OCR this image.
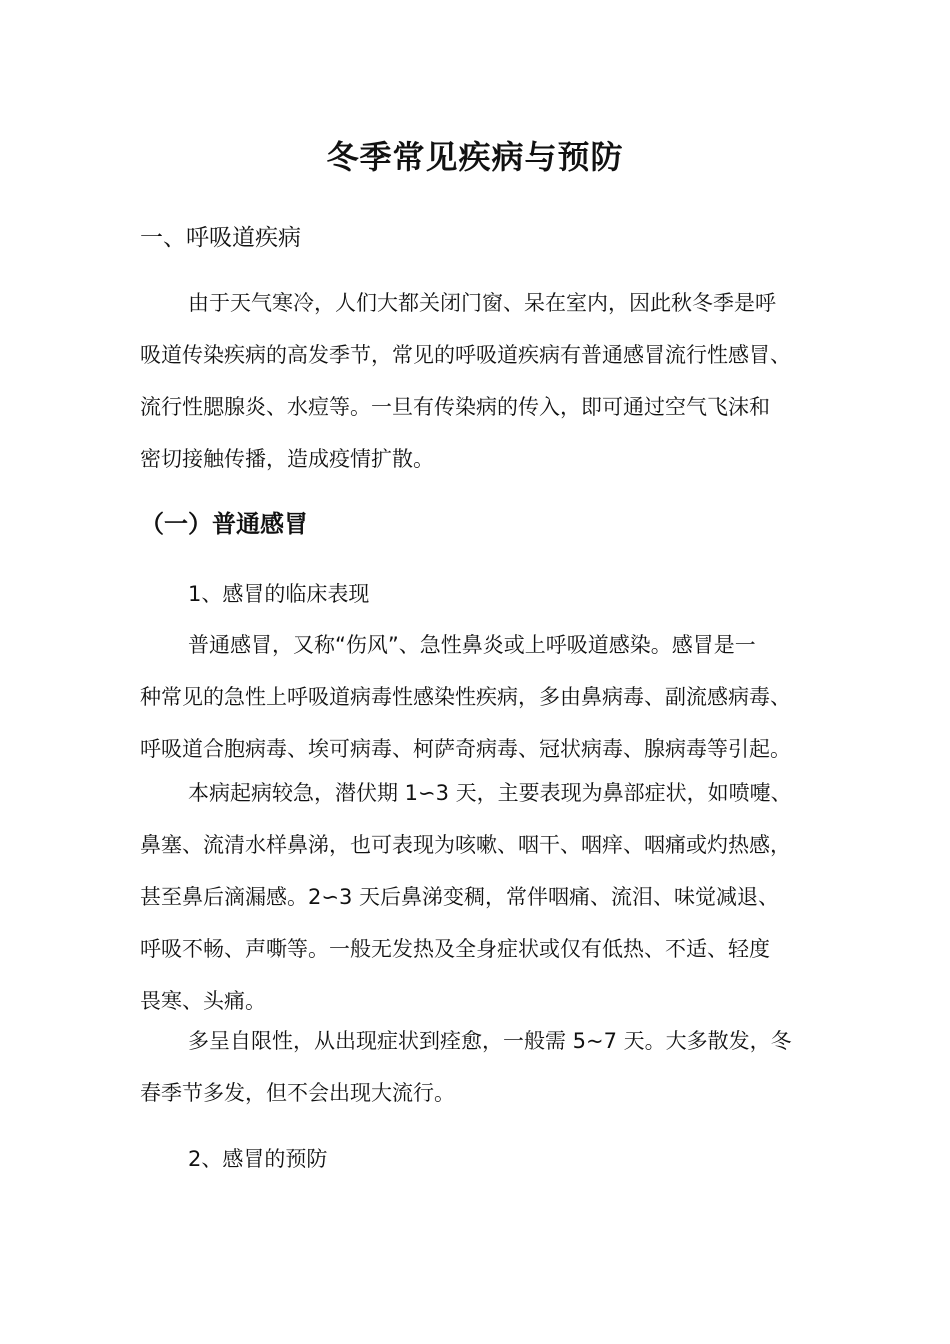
冬季常见疾病与预防
一、呼吸道疾病
由于天气寒冷，人们大都关闭门窗、呆在室内，因此秋冬季是呼
吸道传染疾病的高发季节，常见的呼吸道疾病有普通感冒流行性感冒、
流行性腮腺炎、水痘等。一旦有传染病的传入，即可通过空气飞沫和
密切接触传播，造成疫情扩散。
（一）普通感冒
1、感冒的临床表现
普通感冒，又称“伤风”、急性鼻炎或上呼吸道感染。感冒是一
种常见的急性上呼吸道病毒性感染性疾病，多由鼻病毒、副流感病毒、
呼吸道合胞病毒、埃可病毒、柯萨奇病毒、冠状病毒、腺病毒等引起。
本病起病较急，潜伏期 1∽3 天，主要表现为鼻部症状，如喷嚏、
鼻塞、流清水样鼻涕，也可表现为咳嗽、咽干、咽痒、咽痛或灼热感，
甚至鼻后滴漏感。2∽3 天后鼻涕变稠，常伴咽痛、流泪、味觉减退、
呼吸不畅、声嘶等。一般无发热及全身症状或仅有低热、不适、轻度
畏寒、头痛。
多呈自限性，从出现症状到痊愈，一般需 5~7 天。大多散发，冬
春季节多发，但不会出现大流行。
2、感冒的预防
